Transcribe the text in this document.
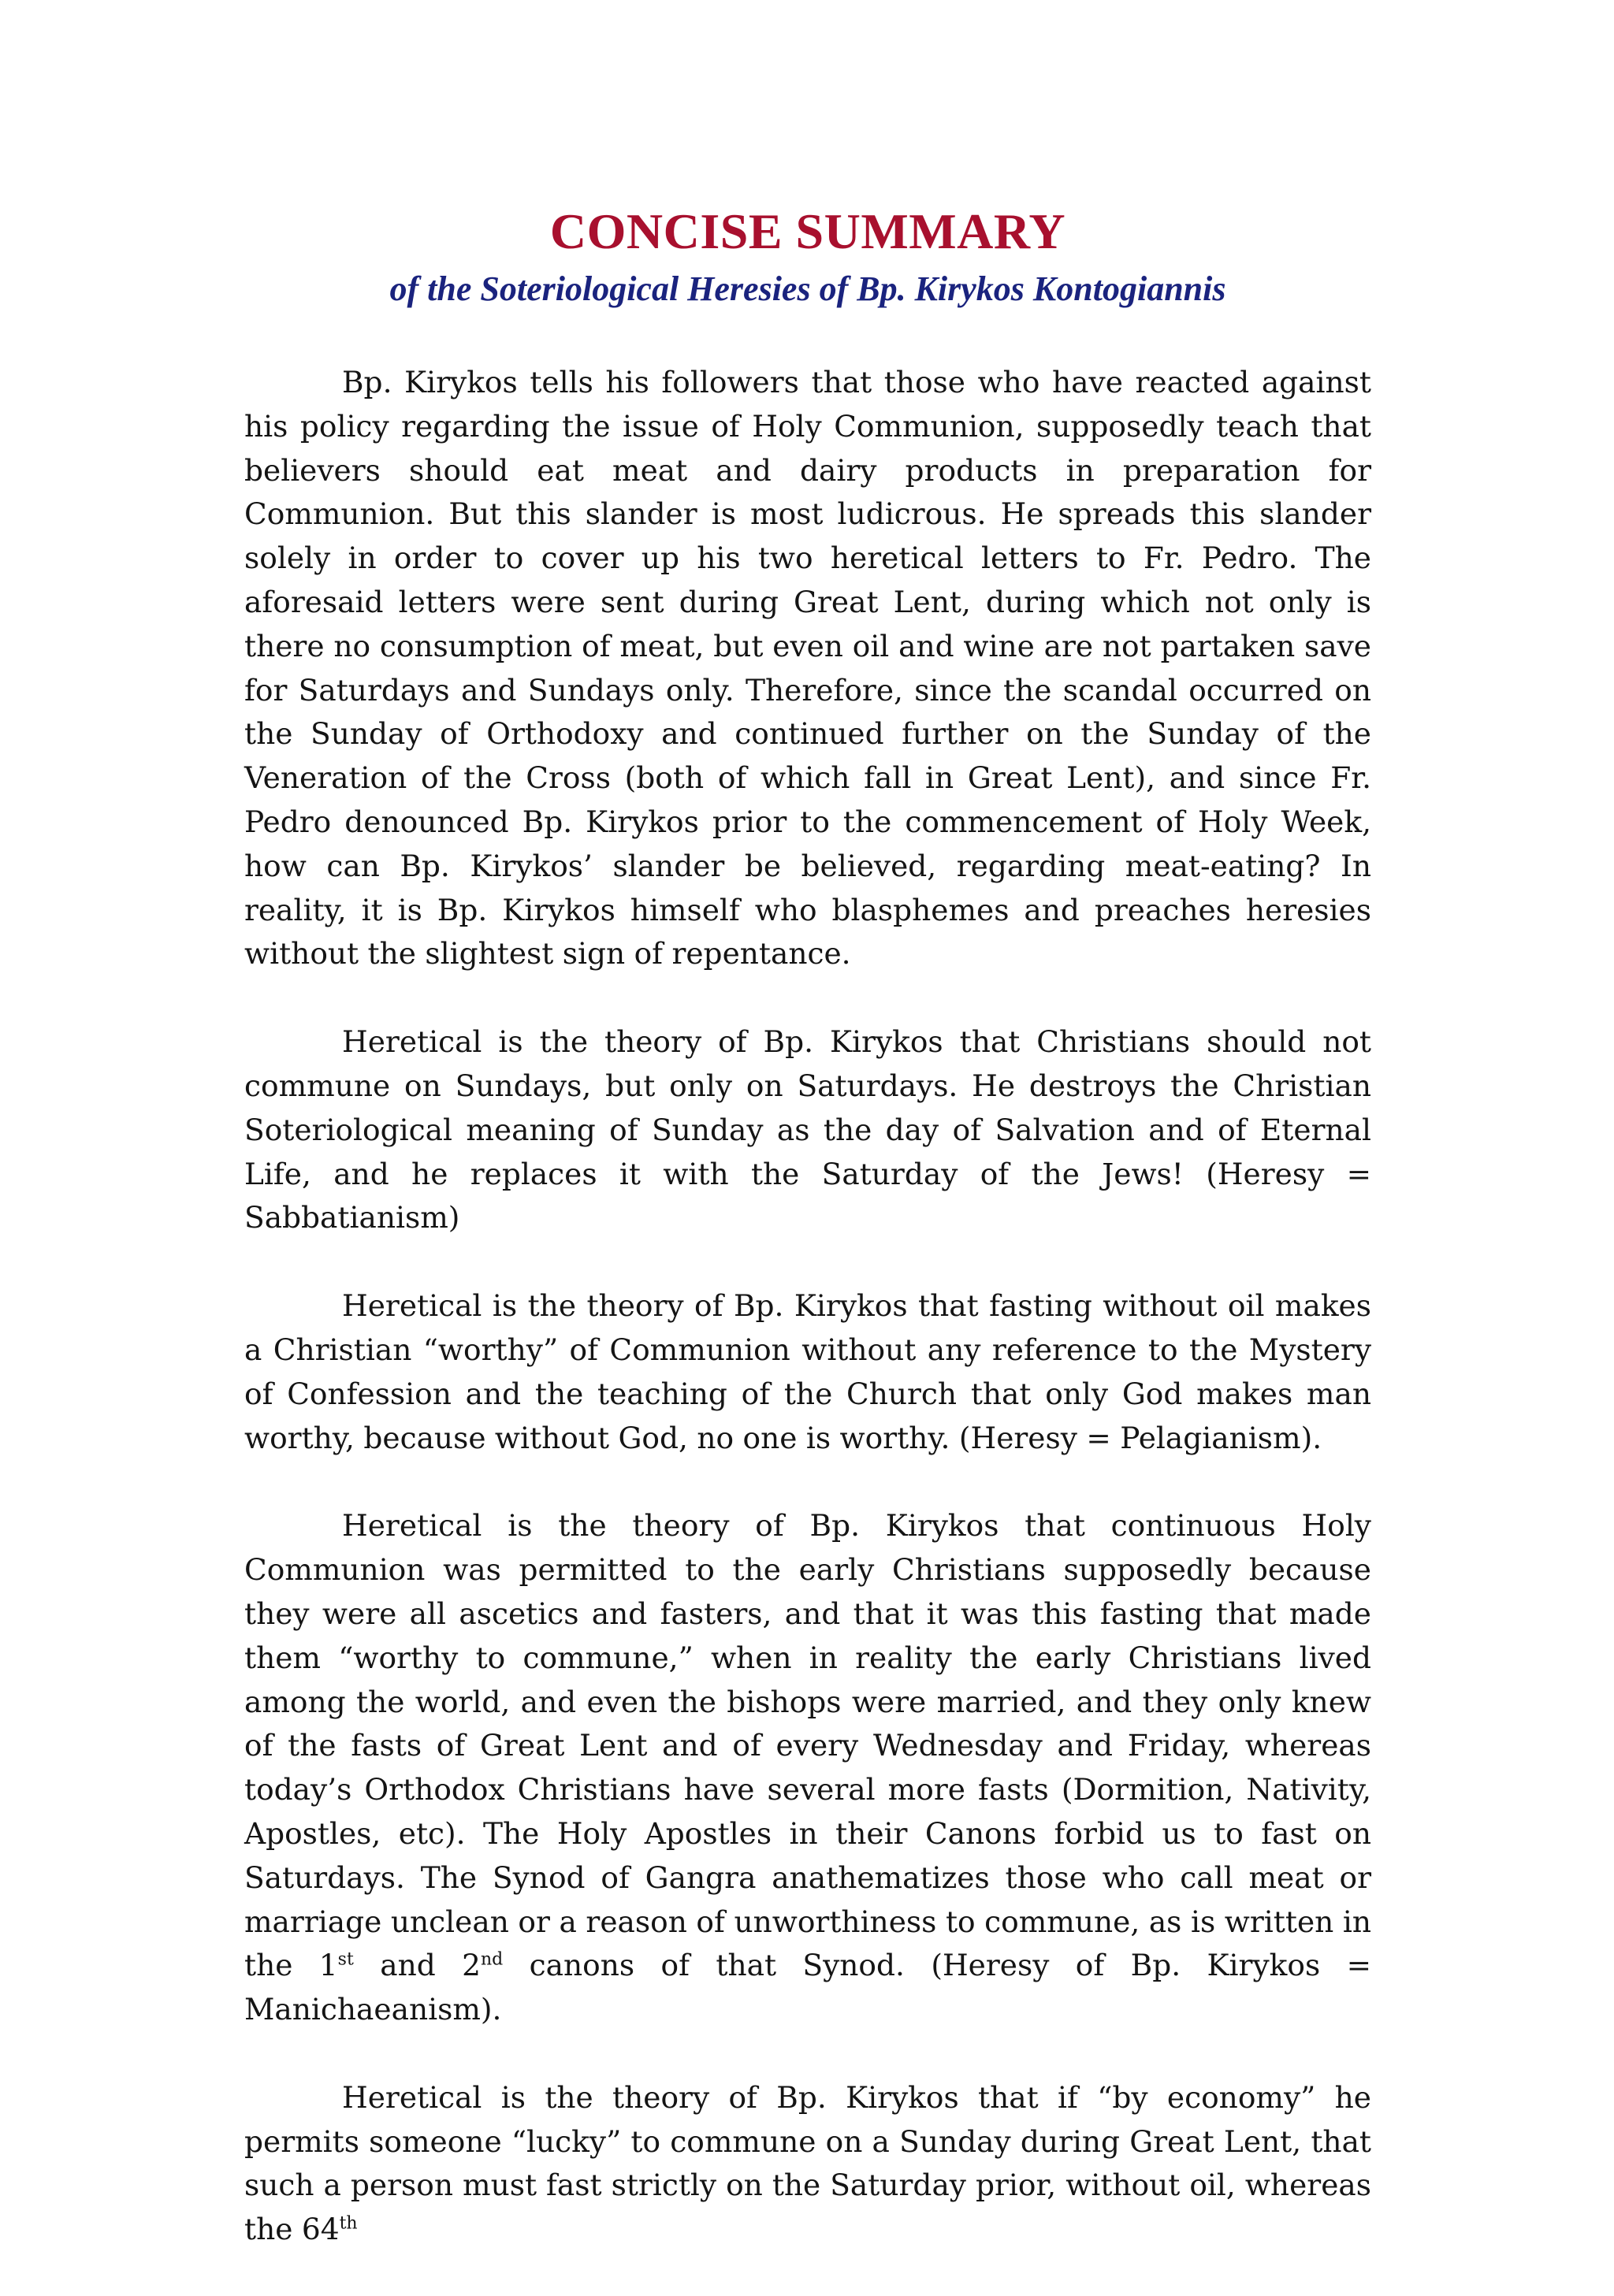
CONCISE SUMMARY
of the Soteriological Heresies of Bp. Kirykos Kontogiannis

Bp. Kirykos tells his followers that those who have reacted against his policy regarding the issue of Holy Communion, supposedly teach that believers should eat meat and dairy products in preparation for Communion. But this slander is most ludicrous. He spreads this slander solely in order to cover up his two heretical letters to Fr. Pedro. The aforesaid letters were sent during Great Lent, during which not only is there no consumption of meat, but even oil and wine are not partaken save for Saturdays and Sundays only. Therefore, since the scandal occurred on the Sunday of Orthodoxy and continued further on the Sunday of the Veneration of the Cross (both of which fall in Great Lent), and since Fr. Pedro denounced Bp. Kirykos prior to the commencement of Holy Week, how can Bp. Kirykos’ slander be believed, regarding meat-eating? In reality, it is Bp. Kirykos himself who blasphemes and preaches heresies without the slightest sign of repentance.

Heretical is the theory of Bp. Kirykos that Christians should not commune on Sundays, but only on Saturdays. He destroys the Christian Soteriological meaning of Sunday as the day of Salvation and of Eternal Life, and he replaces it with the Saturday of the Jews! (Heresy = Sabbatianism)

Heretical is the theory of Bp. Kirykos that fasting without oil makes a Christian “worthy” of Communion without any reference to the Mystery of Confession and the teaching of the Church that only God makes man worthy, because without God, no one is worthy. (Heresy = Pelagianism).

Heretical is the theory of Bp. Kirykos that continuous Holy Communion was permitted to the early Christians supposedly because they were all ascetics and fasters, and that it was this fasting that made them “worthy to commune,” when in reality the early Christians lived among the world, and even the bishops were married, and they only knew of the fasts of Great Lent and of every Wednesday and Friday, whereas today’s Orthodox Christians have several more fasts (Dormition, Nativity, Apostles, etc). The Holy Apostles in their Canons forbid us to fast on Saturdays. The Synod of Gangra anathematizes those who call meat or marriage unclean or a reason of unworthiness to commune, as is written in the 1st and 2nd canons of that Synod. (Heresy of Bp. Kirykos = Manichaeanism).

Heretical is the theory of Bp. Kirykos that if “by economy” he permits someone “lucky” to commune on a Sunday during Great Lent, that such a person must fast strictly on the Saturday prior, without oil, whereas the 64th
